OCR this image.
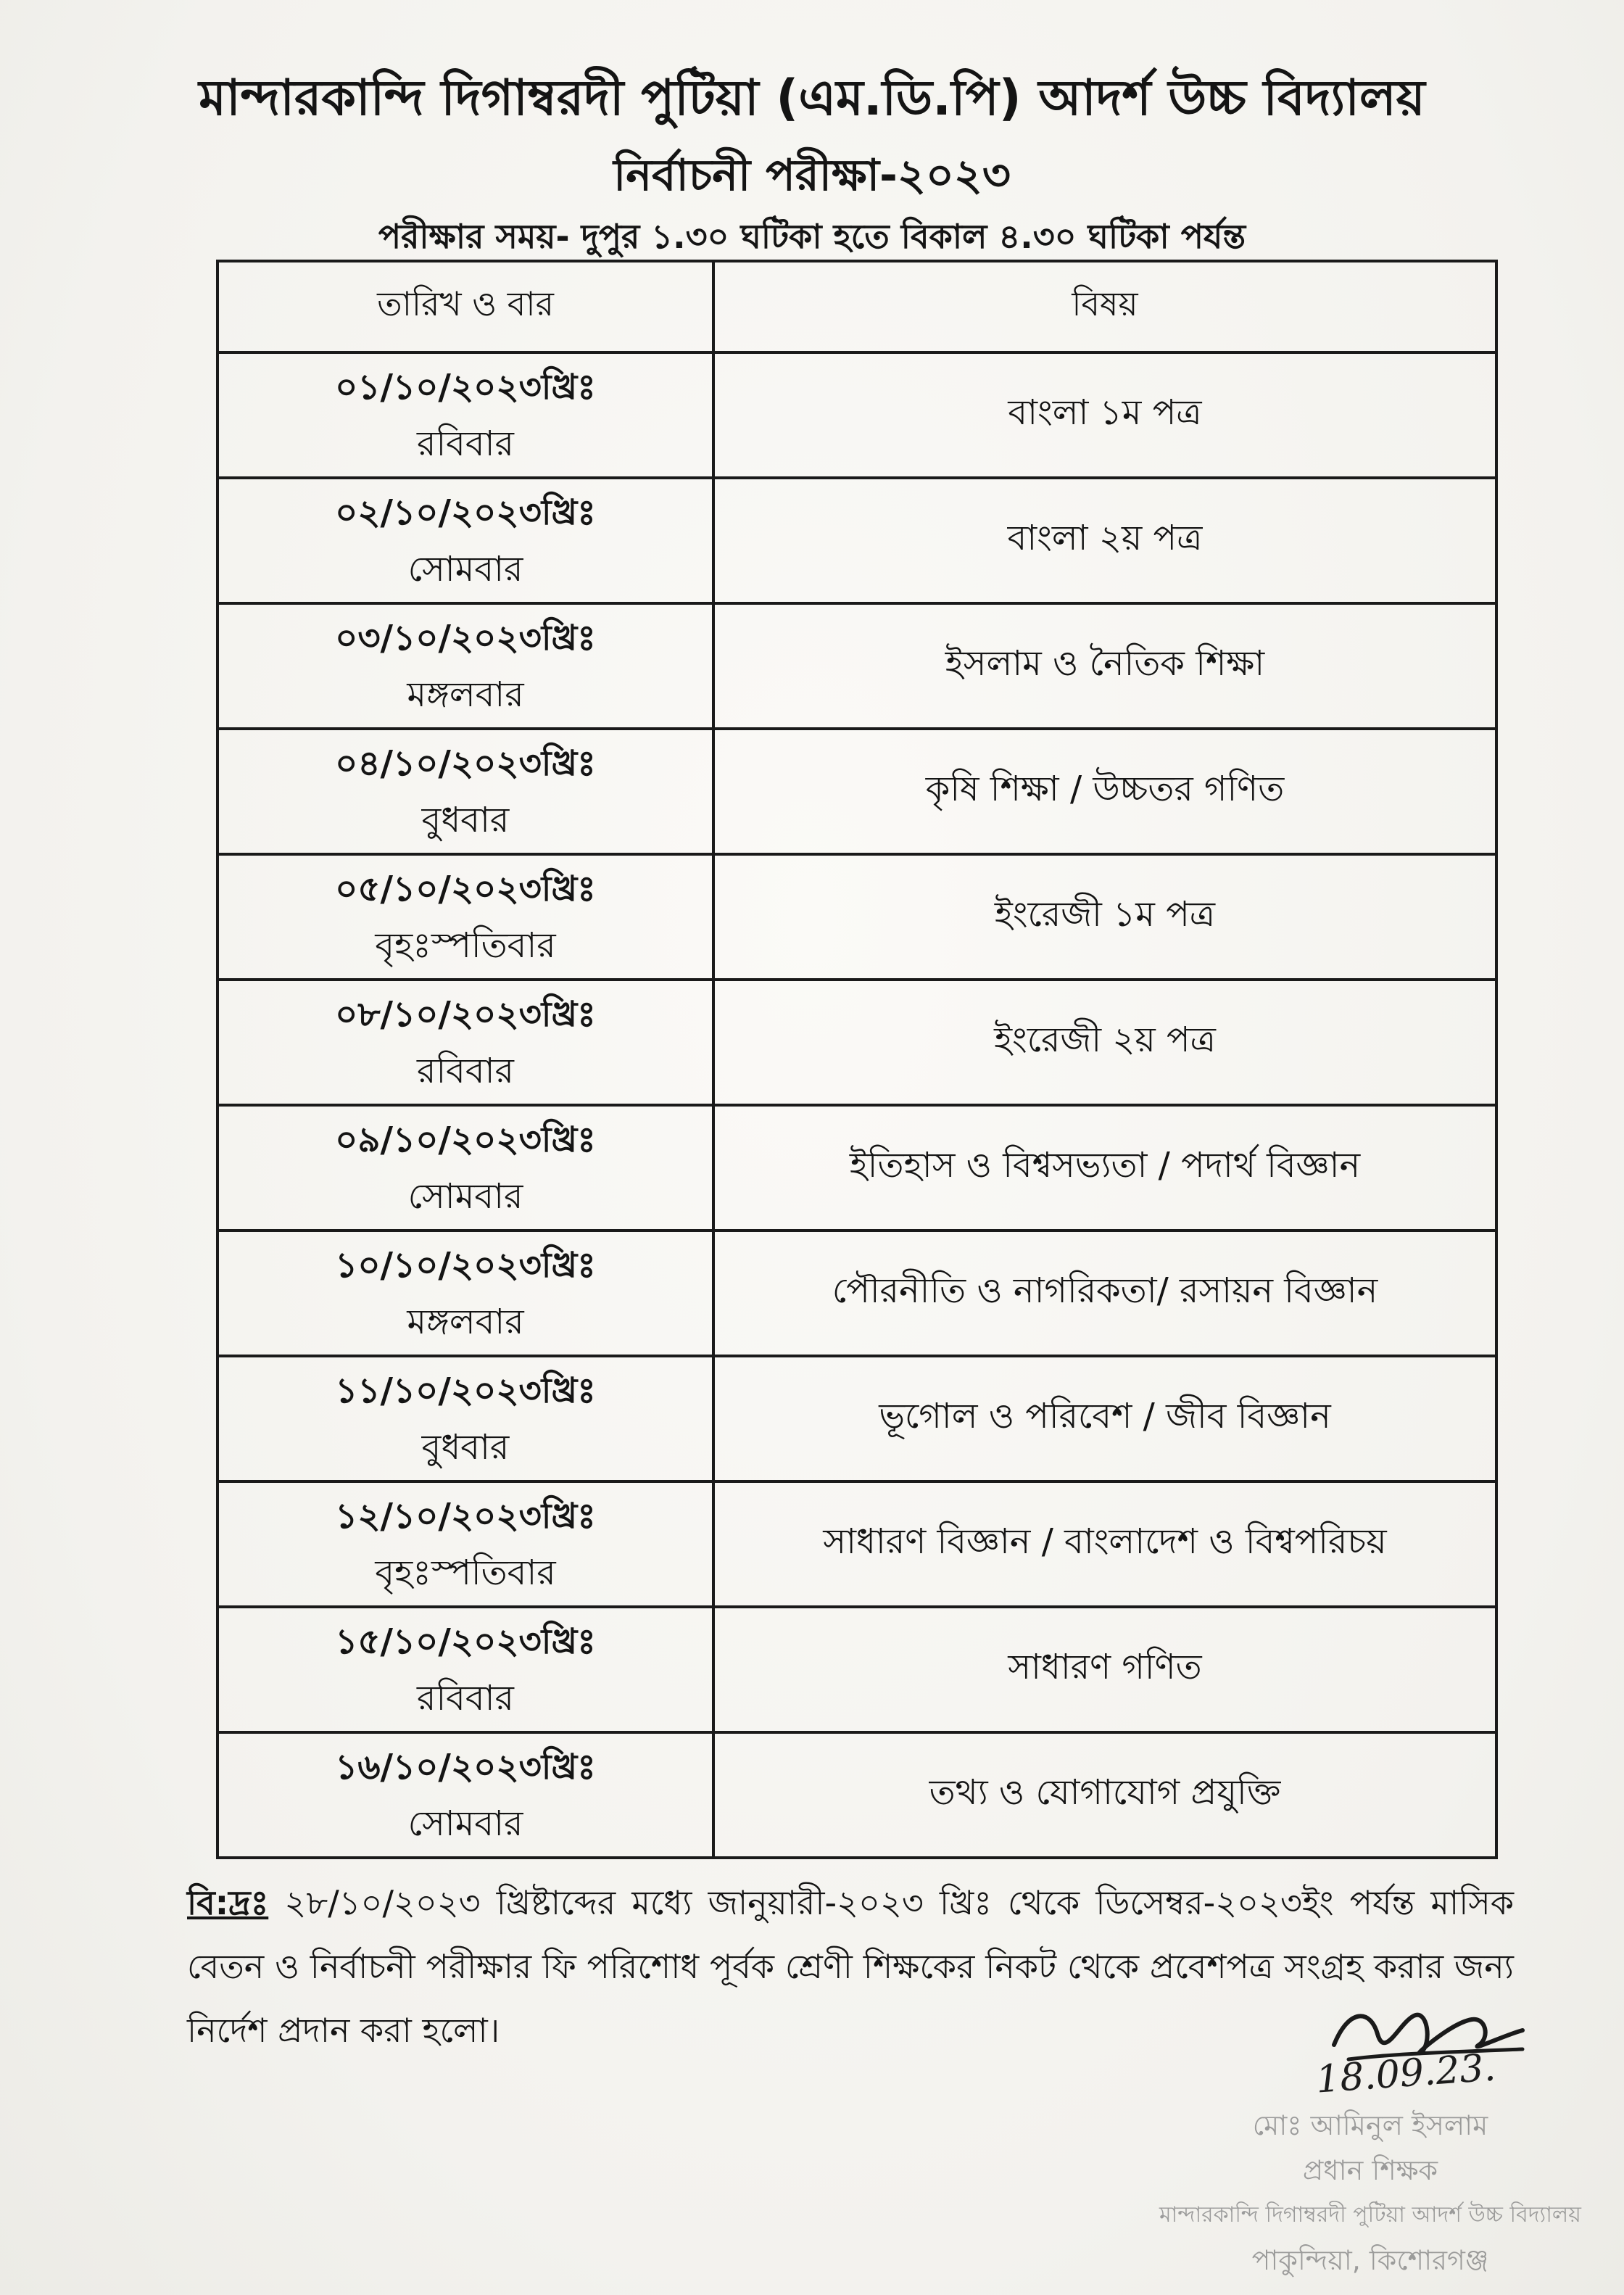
মান্দারকান্দি দিগাম্বরদী পুটিয়া (এম.ডি.পি) আদর্শ উচ্চ বিদ্যালয়
নির্বাচনী পরীক্ষা-২০২৩
পরীক্ষার সময়- দুপুর ১.৩০ ঘটিকা হতে বিকাল ৪.৩০ ঘটিকা পর্যন্ত
তারিখ ও বার	বিষয়

০১/১০/২০২৩খ্রিঃ
রবিবার	বাংলা ১ম পত্র

০২/১০/২০২৩খ্রিঃ
সোমবার	বাংলা ২য় পত্র

০৩/১০/২০২৩খ্রিঃ
মঙ্গলবার	ইসলাম ও নৈতিক শিক্ষা

০৪/১০/২০২৩খ্রিঃ
বুধবার	কৃষি শিক্ষা / উচ্চতর গণিত

০৫/১০/২০২৩খ্রিঃ
বৃহঃস্পতিবার	ইংরেজী ১ম পত্র

০৮/১০/২০২৩খ্রিঃ
রবিবার	ইংরেজী ২য় পত্র

০৯/১০/২০২৩খ্রিঃ
সোমবার	ইতিহাস ও বিশ্বসভ্যতা / পদার্থ বিজ্ঞান

১০/১০/২০২৩খ্রিঃ
মঙ্গলবার	পৌরনীতি ও নাগরিকতা/ রসায়ন বিজ্ঞান

১১/১০/২০২৩খ্রিঃ
বুধবার	ভূগোল ও পরিবেশ / জীব বিজ্ঞান

১২/১০/২০২৩খ্রিঃ
বৃহঃস্পতিবার	সাধারণ বিজ্ঞান / বাংলাদেশ ও বিশ্বপরিচয়

১৫/১০/২০২৩খ্রিঃ
রবিবার	সাধারণ গণিত

১৬/১০/২০২৩খ্রিঃ
সোমবার	তথ্য ও যোগাযোগ প্রযুক্তি
বি:দ্রঃ ২৮/১০/২০২৩ খ্রিষ্টাব্দের মধ্যে জানুয়ারী-২০২৩ খ্রিঃ থেকে ডিসেম্বর-২০২৩ইং পর্যন্ত মাসিক বেতন ও নির্বাচনী পরীক্ষার ফি পরিশোধ পূর্বক শ্রেণী শিক্ষকের নিকট থেকে প্রবেশপত্র সংগ্রহ করার জন্য নির্দেশ প্রদান করা হলো।
18.09.23.
মোঃ আমিনুল ইসলাম
প্রধান শিক্ষক
মান্দারকান্দি দিগাম্বরদী পুটিয়া আদর্শ উচ্চ বিদ্যালয়
পাকুন্দিয়া, কিশোরগঞ্জ
